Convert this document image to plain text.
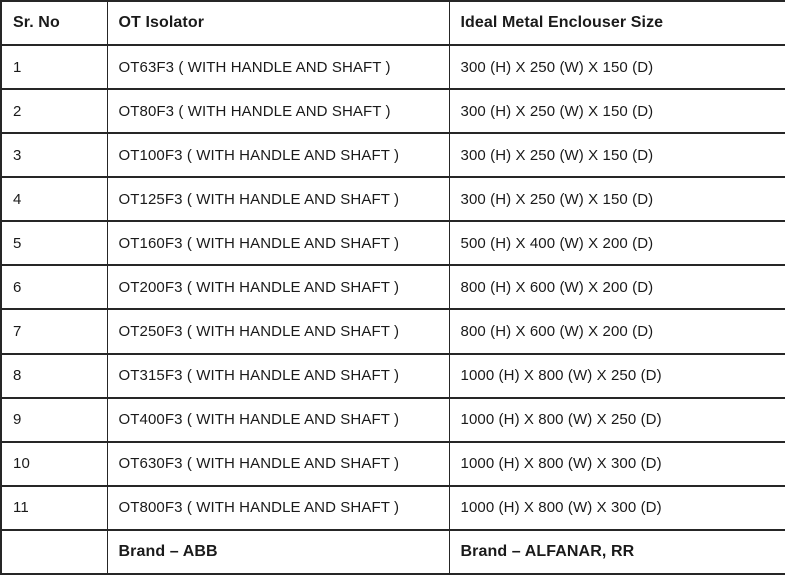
Sr. No	OT Isolator	Ideal Metal Enclouser Size
1	OT63F3 ( WITH HANDLE AND SHAFT )	300 (H) X 250 (W) X 150 (D)
2	OT80F3 ( WITH HANDLE AND SHAFT )	300 (H) X 250 (W) X 150 (D)
3	OT100F3 ( WITH HANDLE AND SHAFT )	300 (H) X 250 (W) X 150 (D)
4	OT125F3 ( WITH HANDLE AND SHAFT )	300 (H) X 250 (W) X 150 (D)
5	OT160F3 ( WITH HANDLE AND SHAFT )	500 (H) X 400 (W) X 200 (D)
6	OT200F3 ( WITH HANDLE AND SHAFT )	800 (H) X 600 (W) X 200 (D)
7	OT250F3 ( WITH HANDLE AND SHAFT )	800 (H) X 600 (W) X 200 (D)
8	OT315F3 ( WITH HANDLE AND SHAFT )	1000 (H) X 800 (W) X 250 (D)
9	OT400F3 ( WITH HANDLE AND SHAFT )	1000 (H) X 800 (W) X 250 (D)
10	OT630F3 ( WITH HANDLE AND SHAFT )	1000 (H) X 800 (W) X 300 (D)
11	OT800F3 ( WITH HANDLE AND SHAFT )	1000 (H) X 800 (W) X 300 (D)
	Brand – ABB	Brand – ALFANAR, RR
